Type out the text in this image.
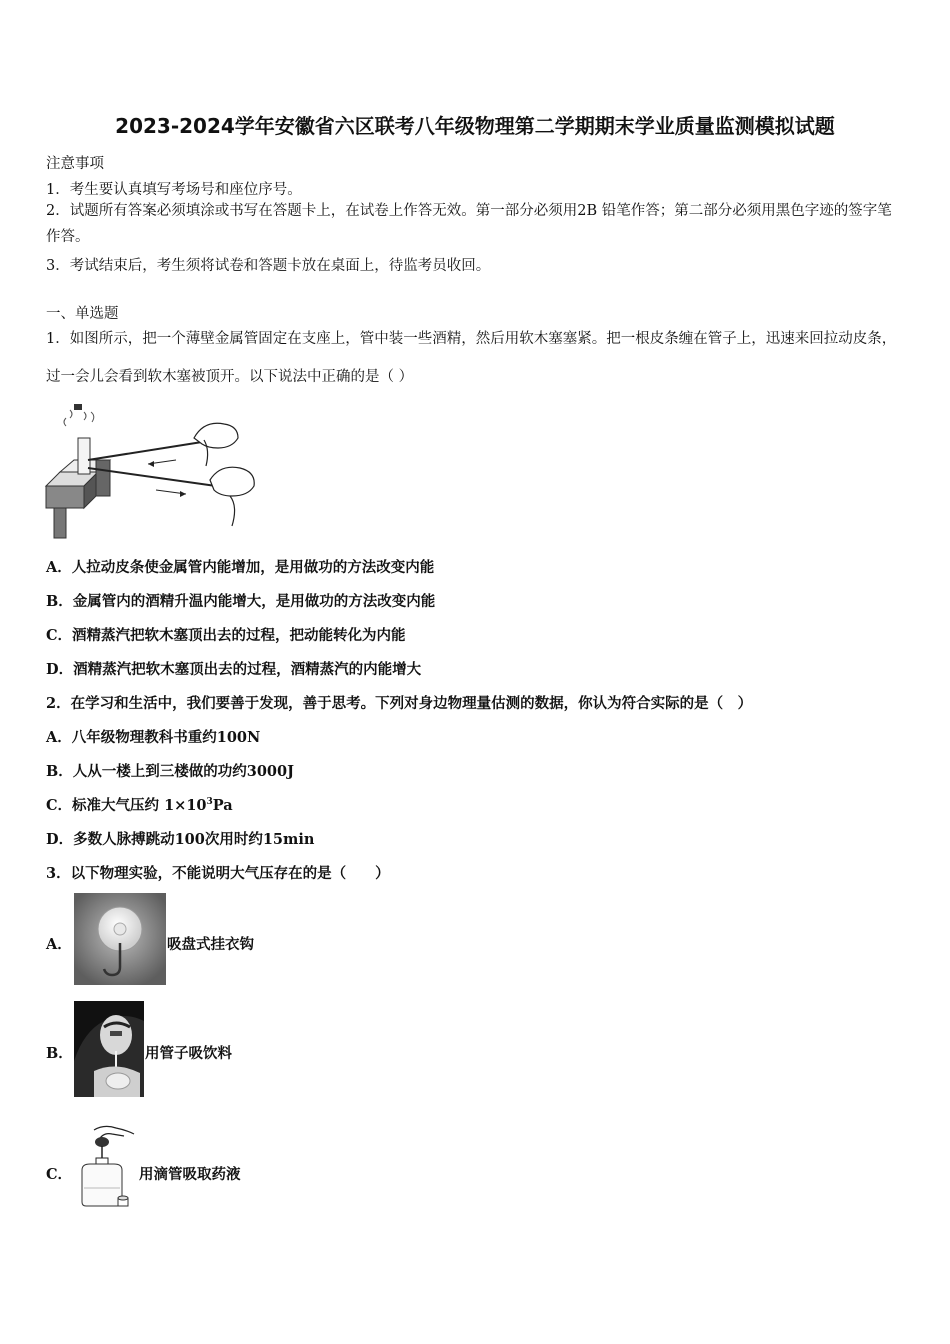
2023-2024学年安徽省六区联考八年级物理第二学期期末学业质量监测模拟试题
注意事项
1．考生要认真填写考场号和座位序号。
2．试题所有答案必须填涂或书写在答题卡上，在试卷上作答无效。第一部分必须用2B 铅笔作答；第二部分必须用黑色字迹的签字笔作答。
3．考试结束后，考生须将试卷和答题卡放在桌面上，待监考员收回。
一、单选题
1．如图所示，把一个薄壁金属管固定在支座上，管中装一些酒精，然后用软木塞塞紧。把一根皮条缠在管子上，迅速来回拉动皮条，过一会儿会看到软木塞被顶开。以下说法中正确的是（ ）
A．人拉动皮条使金属管内能增加，是用做功的方法改变内能
B．金属管内的酒精升温内能增大，是用做功的方法改变内能
C．酒精蒸汽把软木塞顶出去的过程，把动能转化为内能
D．酒精蒸汽把软木塞顶出去的过程，酒精蒸汽的内能增大
2．在学习和生活中，我们要善于发现，善于思考。下列对身边物理量估测的数据，你认为符合实际的是（　）
A．八年级物理教科书重约100N
B．人从一楼上到三楼做的功约3000J
C．标准大气压约 $1\times 10^3Pa$
D．多数人脉搏跳动100次用时约15min
3．以下物理实验，不能说明大气压存在的是（　　）
A．	吸盘式挂衣钩
B．	用管子吸饮料
C．	用滴管吸取药液
